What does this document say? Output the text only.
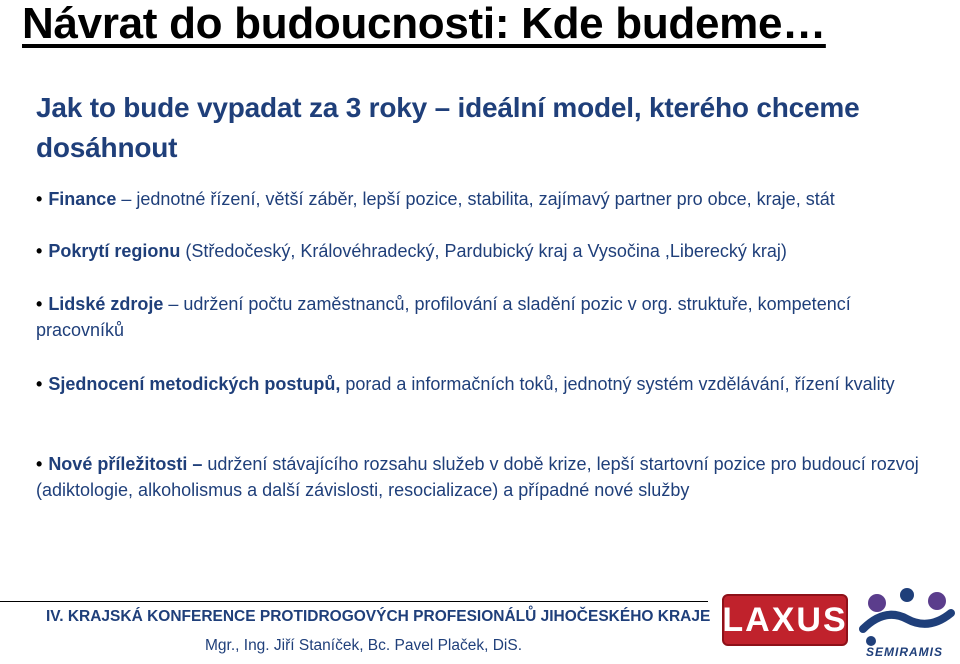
Návrat do budoucnosti: Kde budeme…
Jak to bude vypadat za 3 roky – ideální model, kterého chceme dosáhnout
• Finance – jednotné řízení, větší záběr, lepší pozice, stabilita, zajímavý partner pro obce, kraje, stát
• Pokrytí regionu (Středočeský, Královéhradecký, Pardubický kraj a Vysočina ,Liberecký kraj)
• Lidské zdroje – udržení počtu zaměstnanců, profilování a sladění pozic v org. struktuře, kompetencí pracovníků
• Sjednocení metodických postupů, porad a informačních toků, jednotný systém vzdělávání, řízení kvality
• Nové příležitosti – udržení stávajícího rozsahu služeb v době krize, lepší startovní pozice pro budoucí rozvoj (adiktologie, alkoholismus a další závislosti, resocializace) a případné nové služby
IV. KRAJSKÁ KONFERENCE PROTIDROGOVÝCH PROFESIONÁLŮ JIHOČESKÉHO KRAJE
Mgr., Ing. Jiří Staníček, Bc. Pavel Plaček, DiS.
LAXUS
SEMIRAMIS
